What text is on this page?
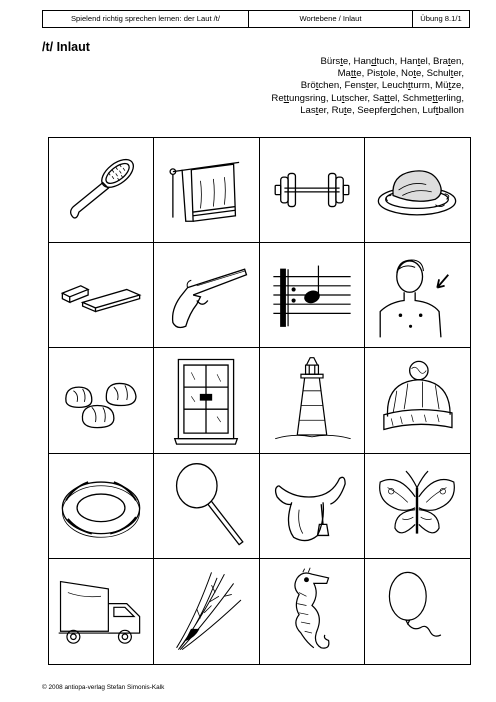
Spielend richtig sprechen lernen: der Laut /t/	Wortebene / Inlaut	Übung 8.1/1
/t/ Inlaut
Bürste, Handtuch, Hantel, Braten,
Matte, Pistole, Note, Schulter,
Brötchen, Fenster, Leuchtturm, Mütze,
Rettungsring, Lutscher, Sattel, Schmetterling,
Laster, Rute, Seepferdchen, Luftballon
© 2008 antiopa-verlag Stefan Simonis-Kalk
